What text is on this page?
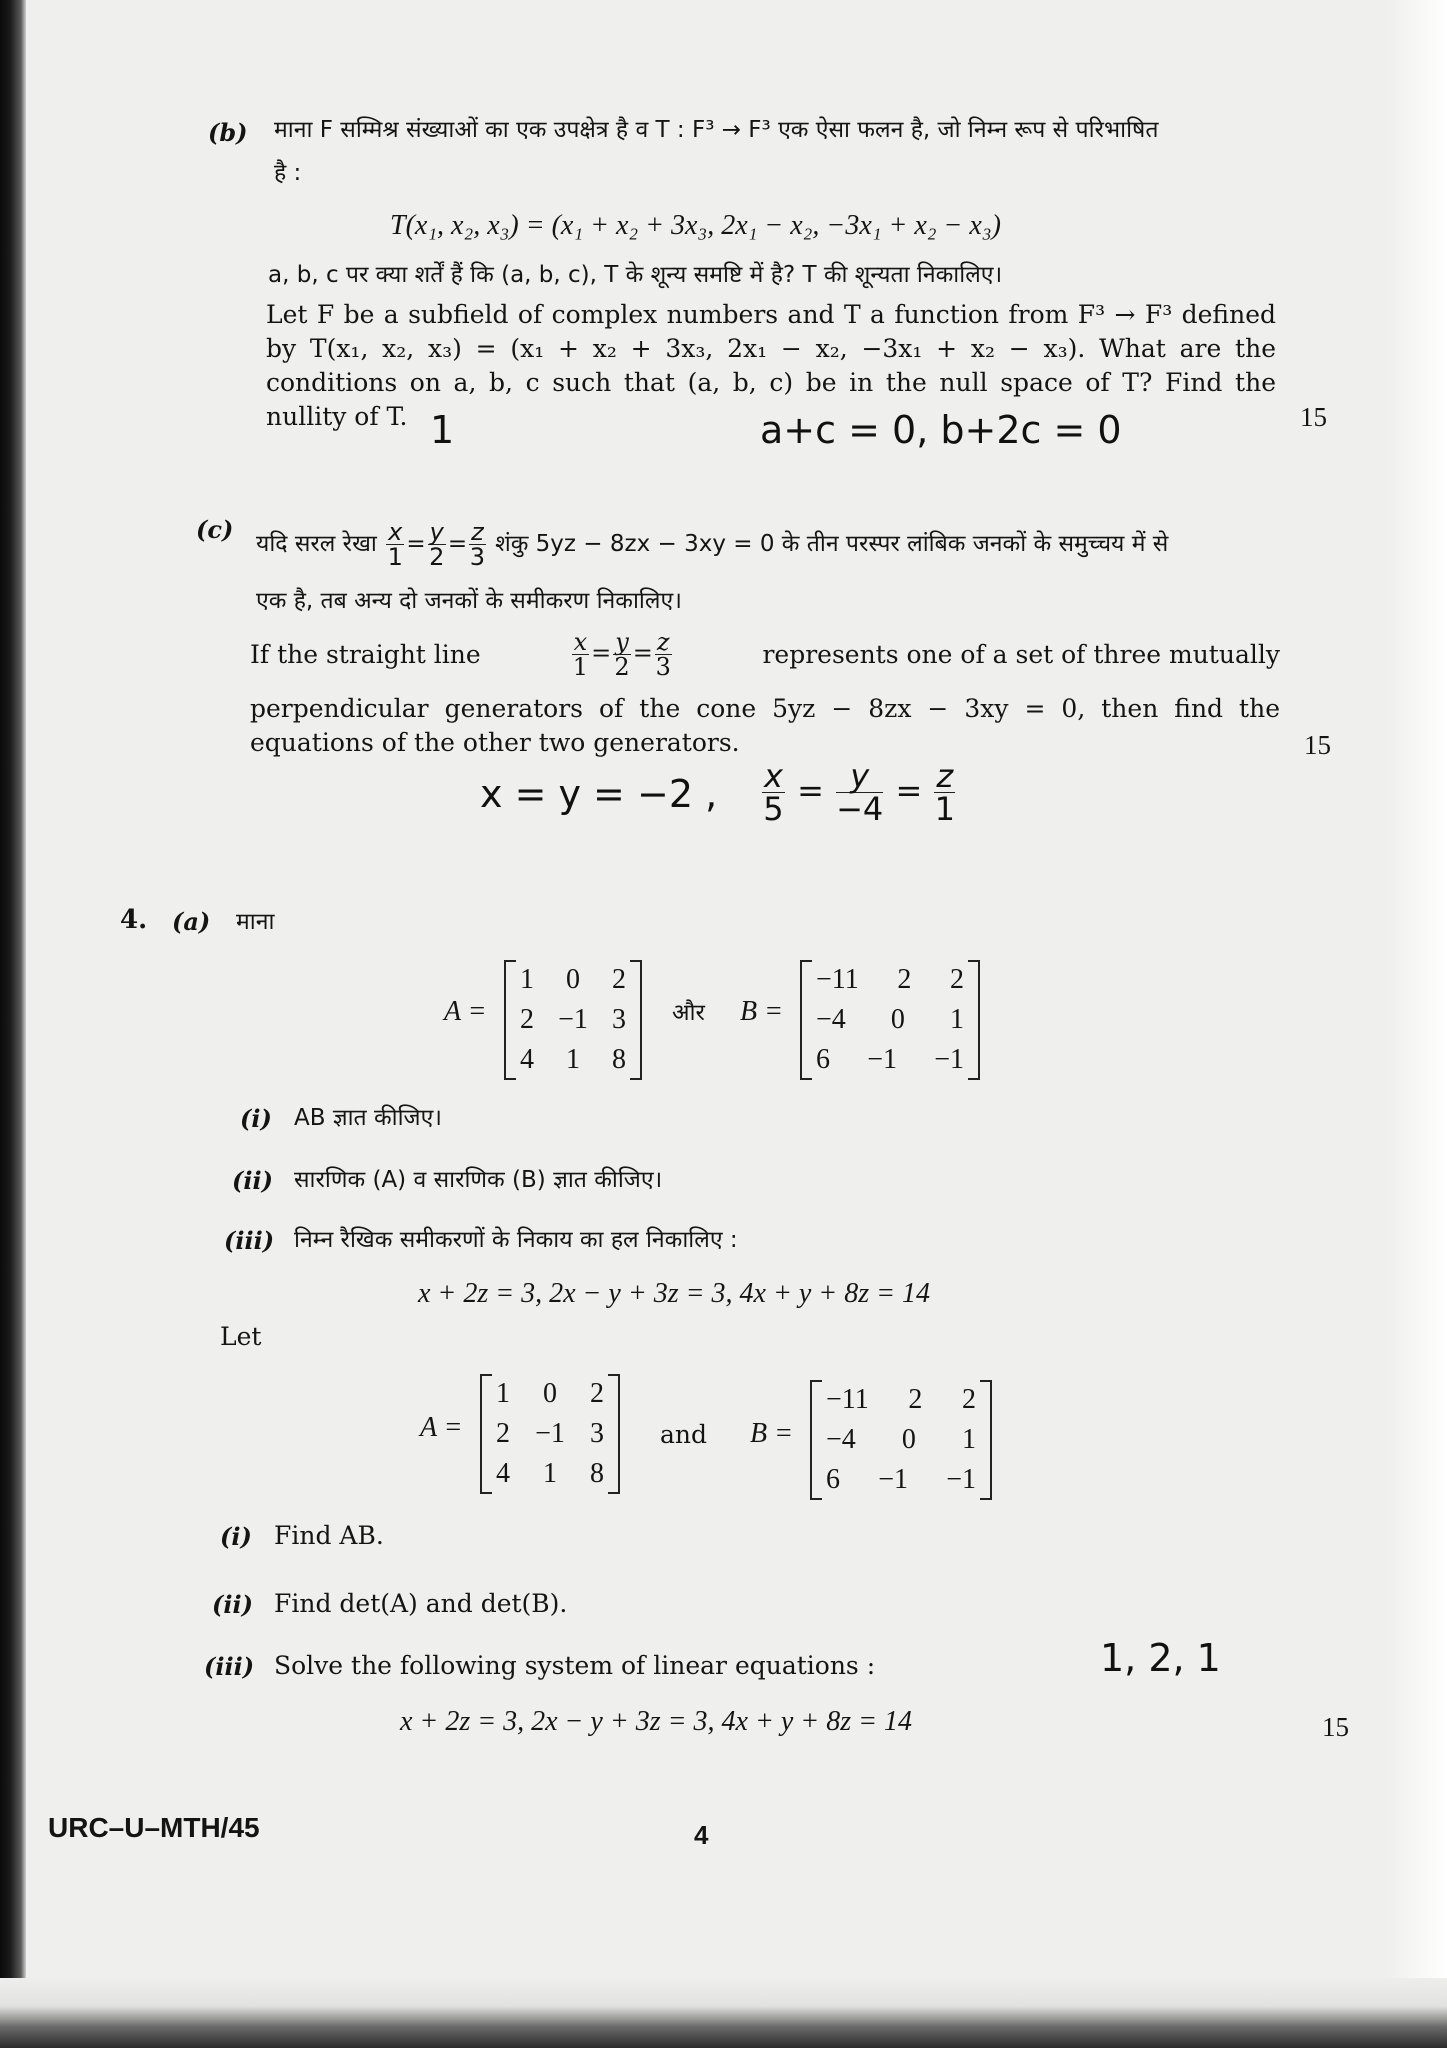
(b) माना F सम्मिश्र संख्याओं का एक उपक्षेत्र है व T : F³ → F³ एक ऐसा फलन है, जो निम्न रूप से परिभाषित
है :
T(x₁, x₂, x₃) = (x₁ + x₂ + 3x₃, 2x₁ − x₂, −3x₁ + x₂ − x₃)
a, b, c पर क्या शर्तें हैं कि (a, b, c), T के शून्य समष्टि में है? T की शून्यता निकालिए।
Let F be a subfield of complex numbers and T a function from F³ → F³ defined
by T(x₁, x₂, x₃) = (x₁ + x₂ + 3x₃, 2x₁ − x₂, −3x₁ + x₂ − x₃). What are the
conditions on a, b, c such that (a, b, c) be in the null space of T? Find the
nullity of T.	15
1	a+c = 0, b+2c = 0
(c) यदि सरल रेखा $\frac{x}{1} = \frac{y}{2} = \frac{z}{3}$ शंकु 5yz − 8zx − 3xy = 0 के तीन परस्पर लांबिक जनकों के समुच्चय में से
एक है, तब अन्य दो जनकों के समीकरण निकालिए।
If the straight line	$\frac{x}{1} = \frac{y}{2} = \frac{z}{3}$	represents one of a set of three mutually
perpendicular generators of the cone 5yz − 8zx − 3xy = 0, then find the
equations of the other two generators.	15
x = y = −2 , $\frac{x}{5} = \frac{y}{-4} = \frac{z}{1}$
4. (a) माना
A =
1 0 2
2 −1 3
4 1 8
और B =
−11 2 2
−4 0 1
6 −1 −1
(i) AB ज्ञात कीजिए।
(ii) सारणिक (A) व सारणिक (B) ज्ञात कीजिए।
(iii) निम्न रैखिक समीकरणों के निकाय का हल निकालिए :
x + 2z = 3, 2x − y + 3z = 3, 4x + y + 8z = 14
Let
A =
1 0 2
2 −1 3
4 1 8
and B =
−11 2 2
−4 0 1
6 −1 −1
(i) Find AB.
(ii) Find det(A) and det(B).
(iii) Solve the following system of linear equations :
x + 2z = 3, 2x − y + 3z = 3, 4x + y + 8z = 14	15
1, 2, 1
URC–U–MTH/45	4
